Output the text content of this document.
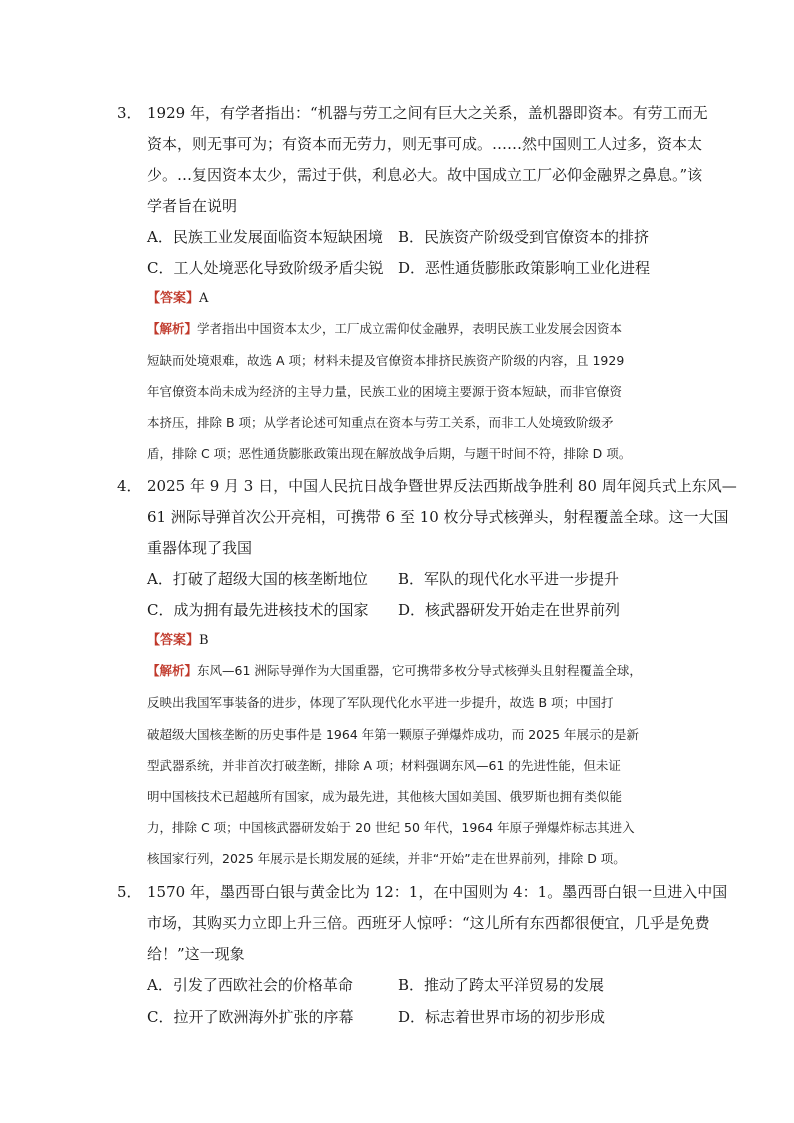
3． 1929 年，有学者指出：“机器与劳工之间有巨大之关系，盖机器即资本。有劳工而无
资本，则无事可为；有资本而无劳力，则无事可成。……然中国则工人过多，资本太
少。…复因资本太少，需过于供，利息必大。故中国成立工厂必仰金融界之鼻息。”该
学者旨在说明
A．民族工业发展面临资本短缺困境 B．民族资产阶级受到官僚资本的排挤
C．工人处境恶化导致阶级矛盾尖锐 D．恶性通货膨胀政策影响工业化进程
【答案】A
【解析】学者指出中国资本太少，工厂成立需仰仗金融界，表明民族工业发展会因资本
短缺而处境艰难，故选 A 项；材料未提及官僚资本排挤民族资产阶级的内容，且 1929
年官僚资本尚未成为经济的主导力量，民族工业的困境主要源于资本短缺，而非官僚资
本挤压，排除 B 项；从学者论述可知重点在资本与劳工关系，而非工人处境致阶级矛
盾，排除 C 项；恶性通货膨胀政策出现在解放战争后期，与题干时间不符，排除 D 项。
4． 2025 年 9 月 3 日，中国人民抗日战争暨世界反法西斯战争胜利 80 周年阅兵式上东风—
61 洲际导弹首次公开亮相，可携带 6 至 10 枚分导式核弹头，射程覆盖全球。这一大国
重器体现了我国
A．打破了超级大国的核垄断地位 B．军队的现代化水平进一步提升
C．成为拥有最先进核技术的国家 D．核武器研发开始走在世界前列
【答案】B
【解析】东风—61 洲际导弹作为大国重器，它可携带多枚分导式核弹头且射程覆盖全球，
反映出我国军事装备的进步，体现了军队现代化水平进一步提升，故选 B 项；中国打
破超级大国核垄断的历史事件是 1964 年第一颗原子弹爆炸成功，而 2025 年展示的是新
型武器系统，并非首次打破垄断，排除 A 项；材料强调东风—61 的先进性能，但未证
明中国核技术已超越所有国家，成为最先进，其他核大国如美国、俄罗斯也拥有类似能
力，排除 C 项；中国核武器研发始于 20 世纪 50 年代，1964 年原子弹爆炸标志其进入
核国家行列，2025 年展示是长期发展的延续，并非“开始”走在世界前列，排除 D 项。
5． 1570 年，墨西哥白银与黄金比为 12：1，在中国则为 4：1。墨西哥白银一旦进入中国
市场，其购买力立即上升三倍。西班牙人惊呼：“这儿所有东西都很便宜，几乎是免费
给！”这一现象
A．引发了西欧社会的价格革命	B．推动了跨太平洋贸易的发展
C．拉开了欧洲海外扩张的序幕	D．标志着世界市场的初步形成
